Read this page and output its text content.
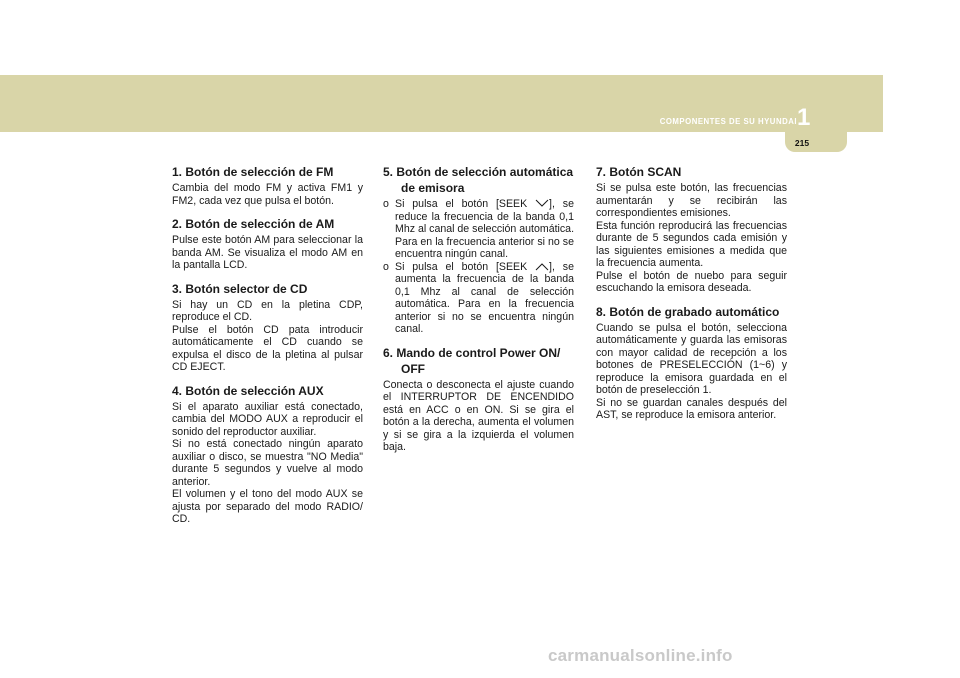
COMPONENTES DE SU HYUNDAI 1
215
1. Botón de selección de FM

Cambia del modo FM y activa FM1 y FM2, cada vez que pulsa el botón.

2. Botón de selección de AM

Pulse este botón AM para seleccionar la banda AM. Se visualiza el modo AM en la pantalla LCD.

3. Botón selector de CD

Si hay un CD en la pletina CDP, reproduce el CD.

Pulse el botón CD pata introducir automáticamente el CD cuando se expulsa el disco de la pletina al pulsar CD EJECT.

4. Botón de selección AUX

Si el aparato auxiliar está conectado, cambia del MODO AUX a reproducir el sonido del reproductor auxiliar.

Si no está conectado ningún aparato auxiliar o disco, se muestra "NO Media" durante 5 segundos y vuelve al modo anterior.

El volumen y el tono del modo AUX se ajusta por separado del modo RADIO/ CD.

5. Botón de selección automática de emisora
o Si pulsa el botón [SEEK ], se reduce la frecuencia de la banda 0,1 Mhz al canal de selección automática. Para en la frecuencia anterior si no se encuentra ningún canal.
o Si pulsa el botón [SEEK ], se aumenta la frecuencia de la banda 0,1 Mhz al canal de selección automática. Para en la frecuencia anterior si no se encuentra ningún canal.
6. Mando de control Power ON/ OFF

Conecta o desconecta el ajuste cuando el INTERRUPTOR DE ENCENDIDO está en ACC o en ON. Si se gira el botón a la derecha, aumenta el volumen y si se gira a la izquierda el volumen baja.

7. Botón SCAN

Si se pulsa este botón, las frecuencias aumentarán y se recibirán las correspondientes emisiones.

Esta función reproducirá las frecuencias durante de 5 segundos cada emisión y las siguientes emisiones a medida que la frecuencia aumenta.

Pulse el botón de nuebo para seguir escuchando la emisora deseada.

8. Botón de grabado automático

Cuando se pulsa el botón, selecciona automáticamente y guarda las emisoras con mayor calidad de recepción a los botones de PRESELECCIÓN (1~6) y reproduce la emisora guardada en el botón de preselección 1.

Si no se guardan canales después del AST, se reproduce la emisora anterior.

carmanualsonline.info
